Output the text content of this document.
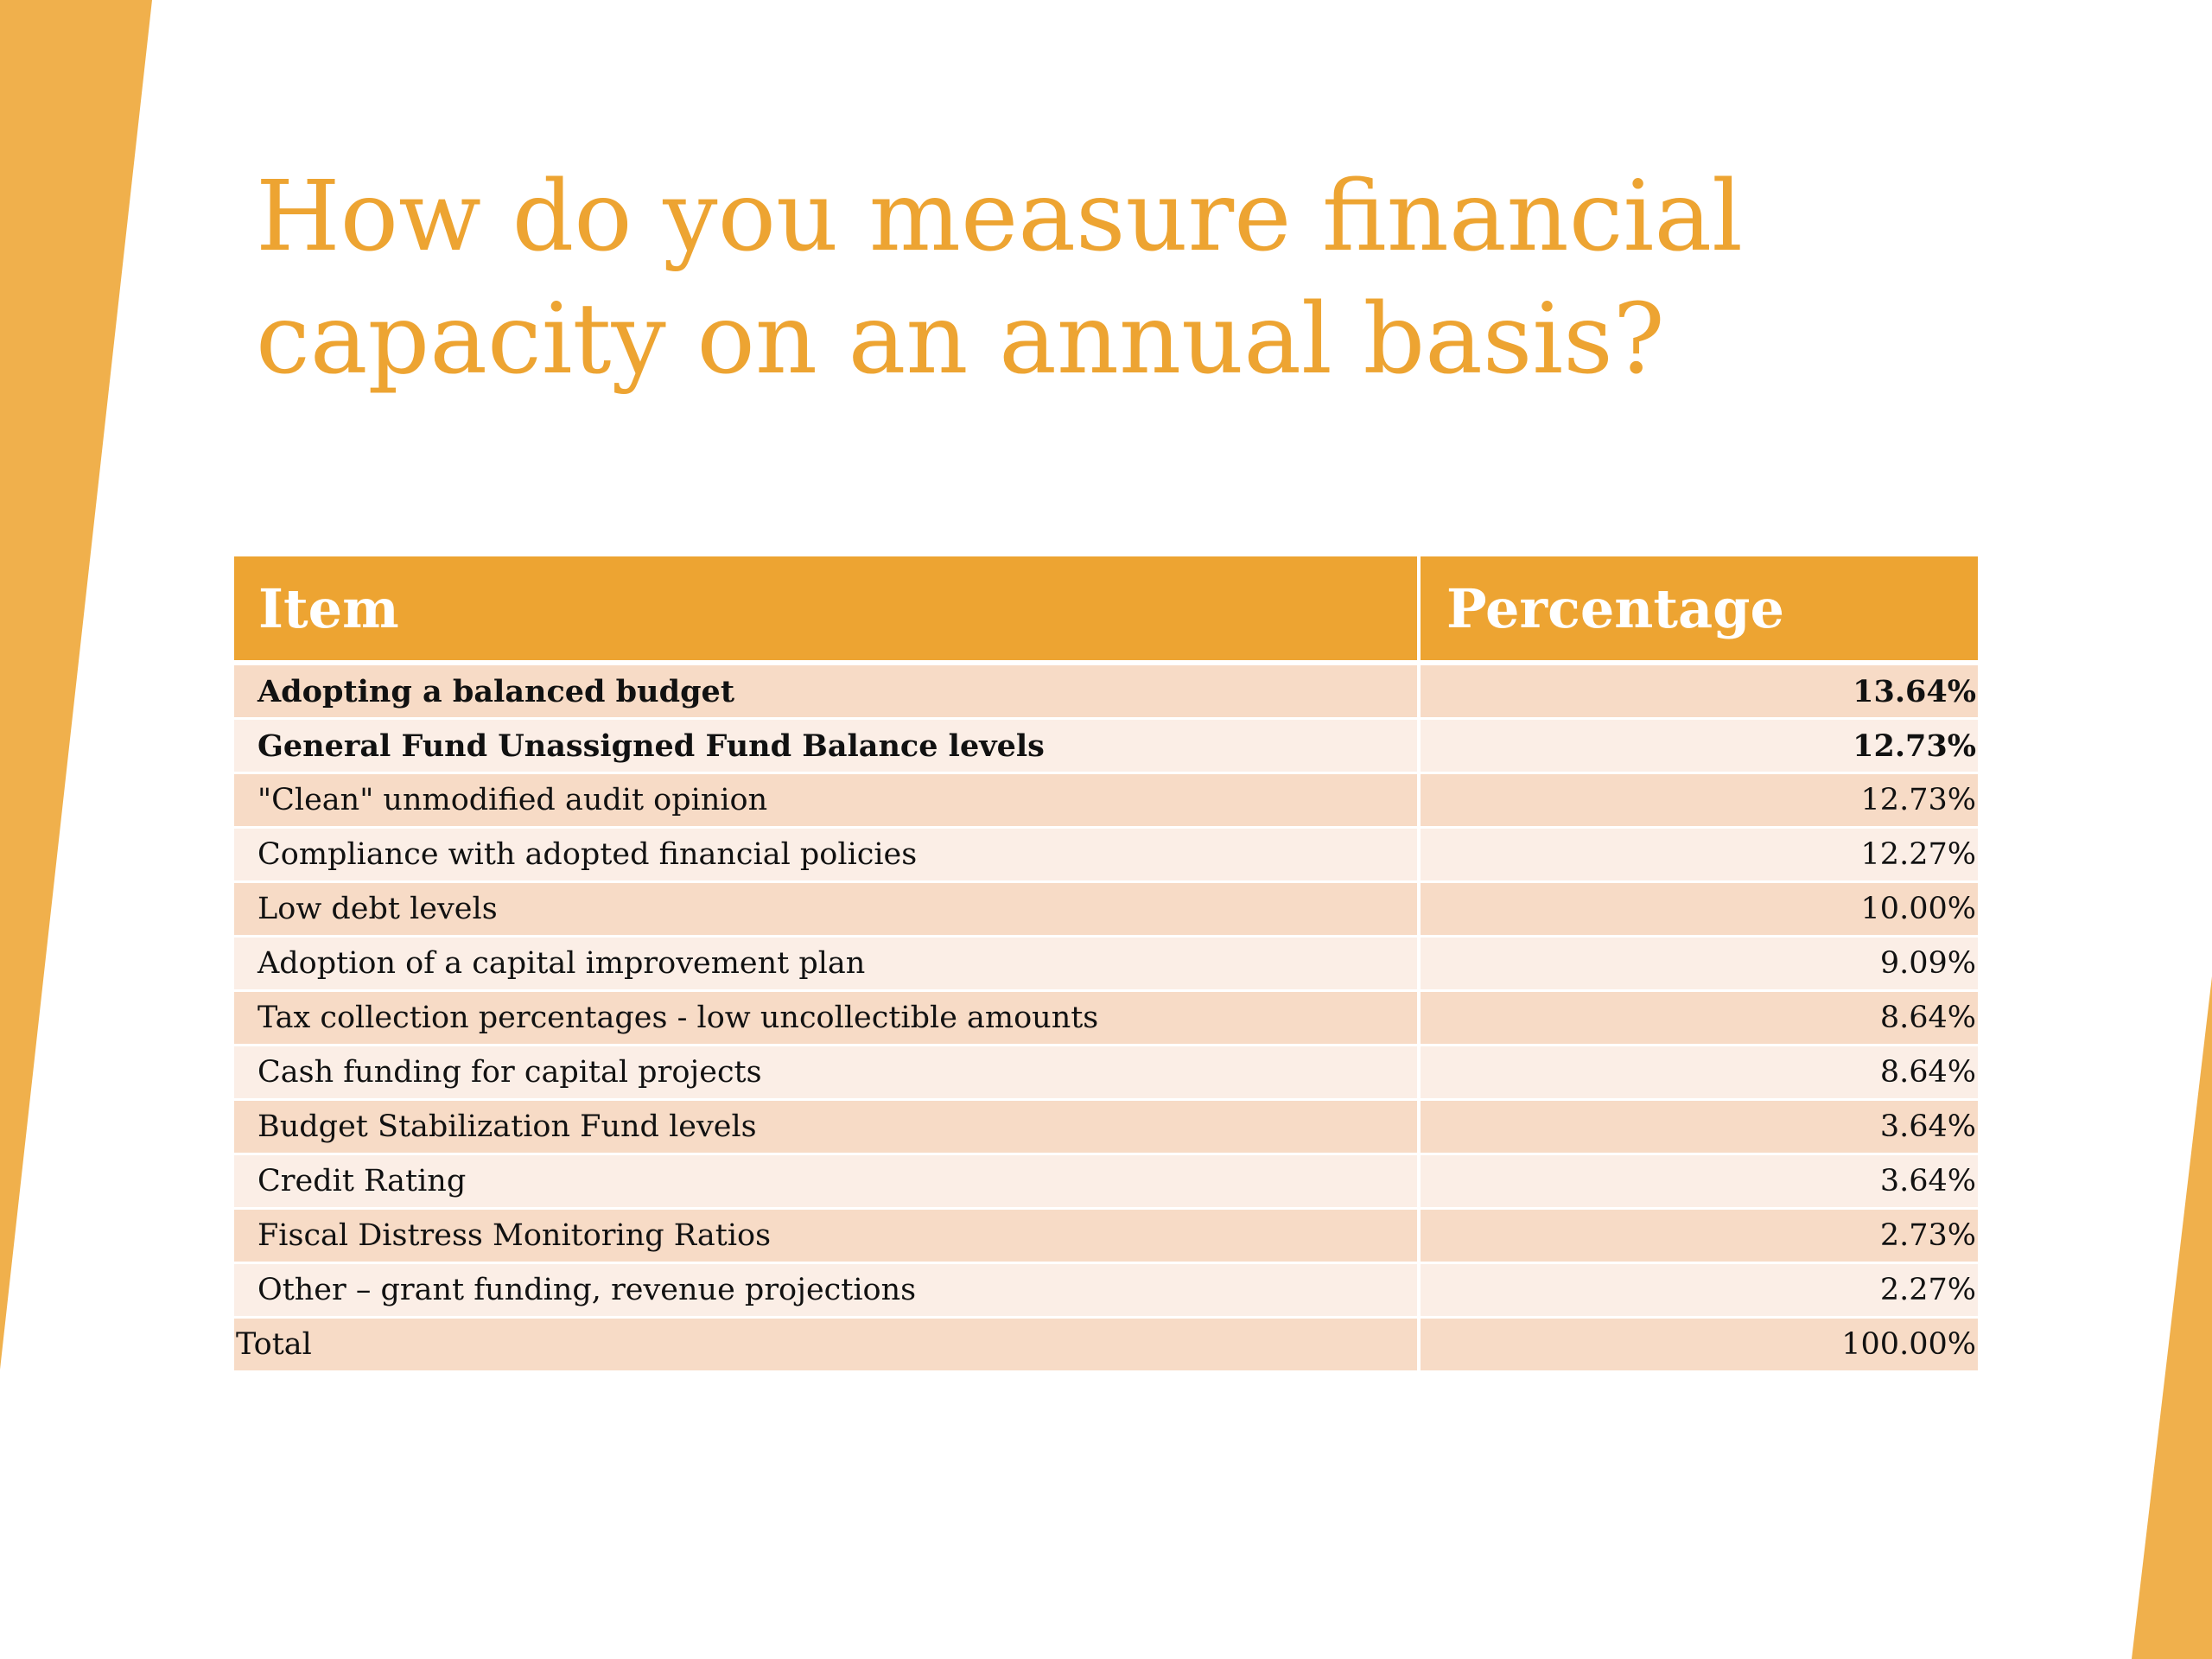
How do you measure financial
capacity on an annual basis?
Item	Percentage
Adopting a balanced budget	13.64%
General Fund Unassigned Fund Balance levels	12.73%
"Clean" unmodified audit opinion	12.73%
Compliance with adopted financial policies	12.27%
Low debt levels	10.00%
Adoption of a capital improvement plan	9.09%
Tax collection percentages - low uncollectible amounts	8.64%
Cash funding for capital projects	8.64%
Budget Stabilization Fund levels	3.64%
Credit Rating	3.64%
Fiscal Distress Monitoring Ratios	2.73%
Other – grant funding, revenue projections	2.27%
Total	100.00%
